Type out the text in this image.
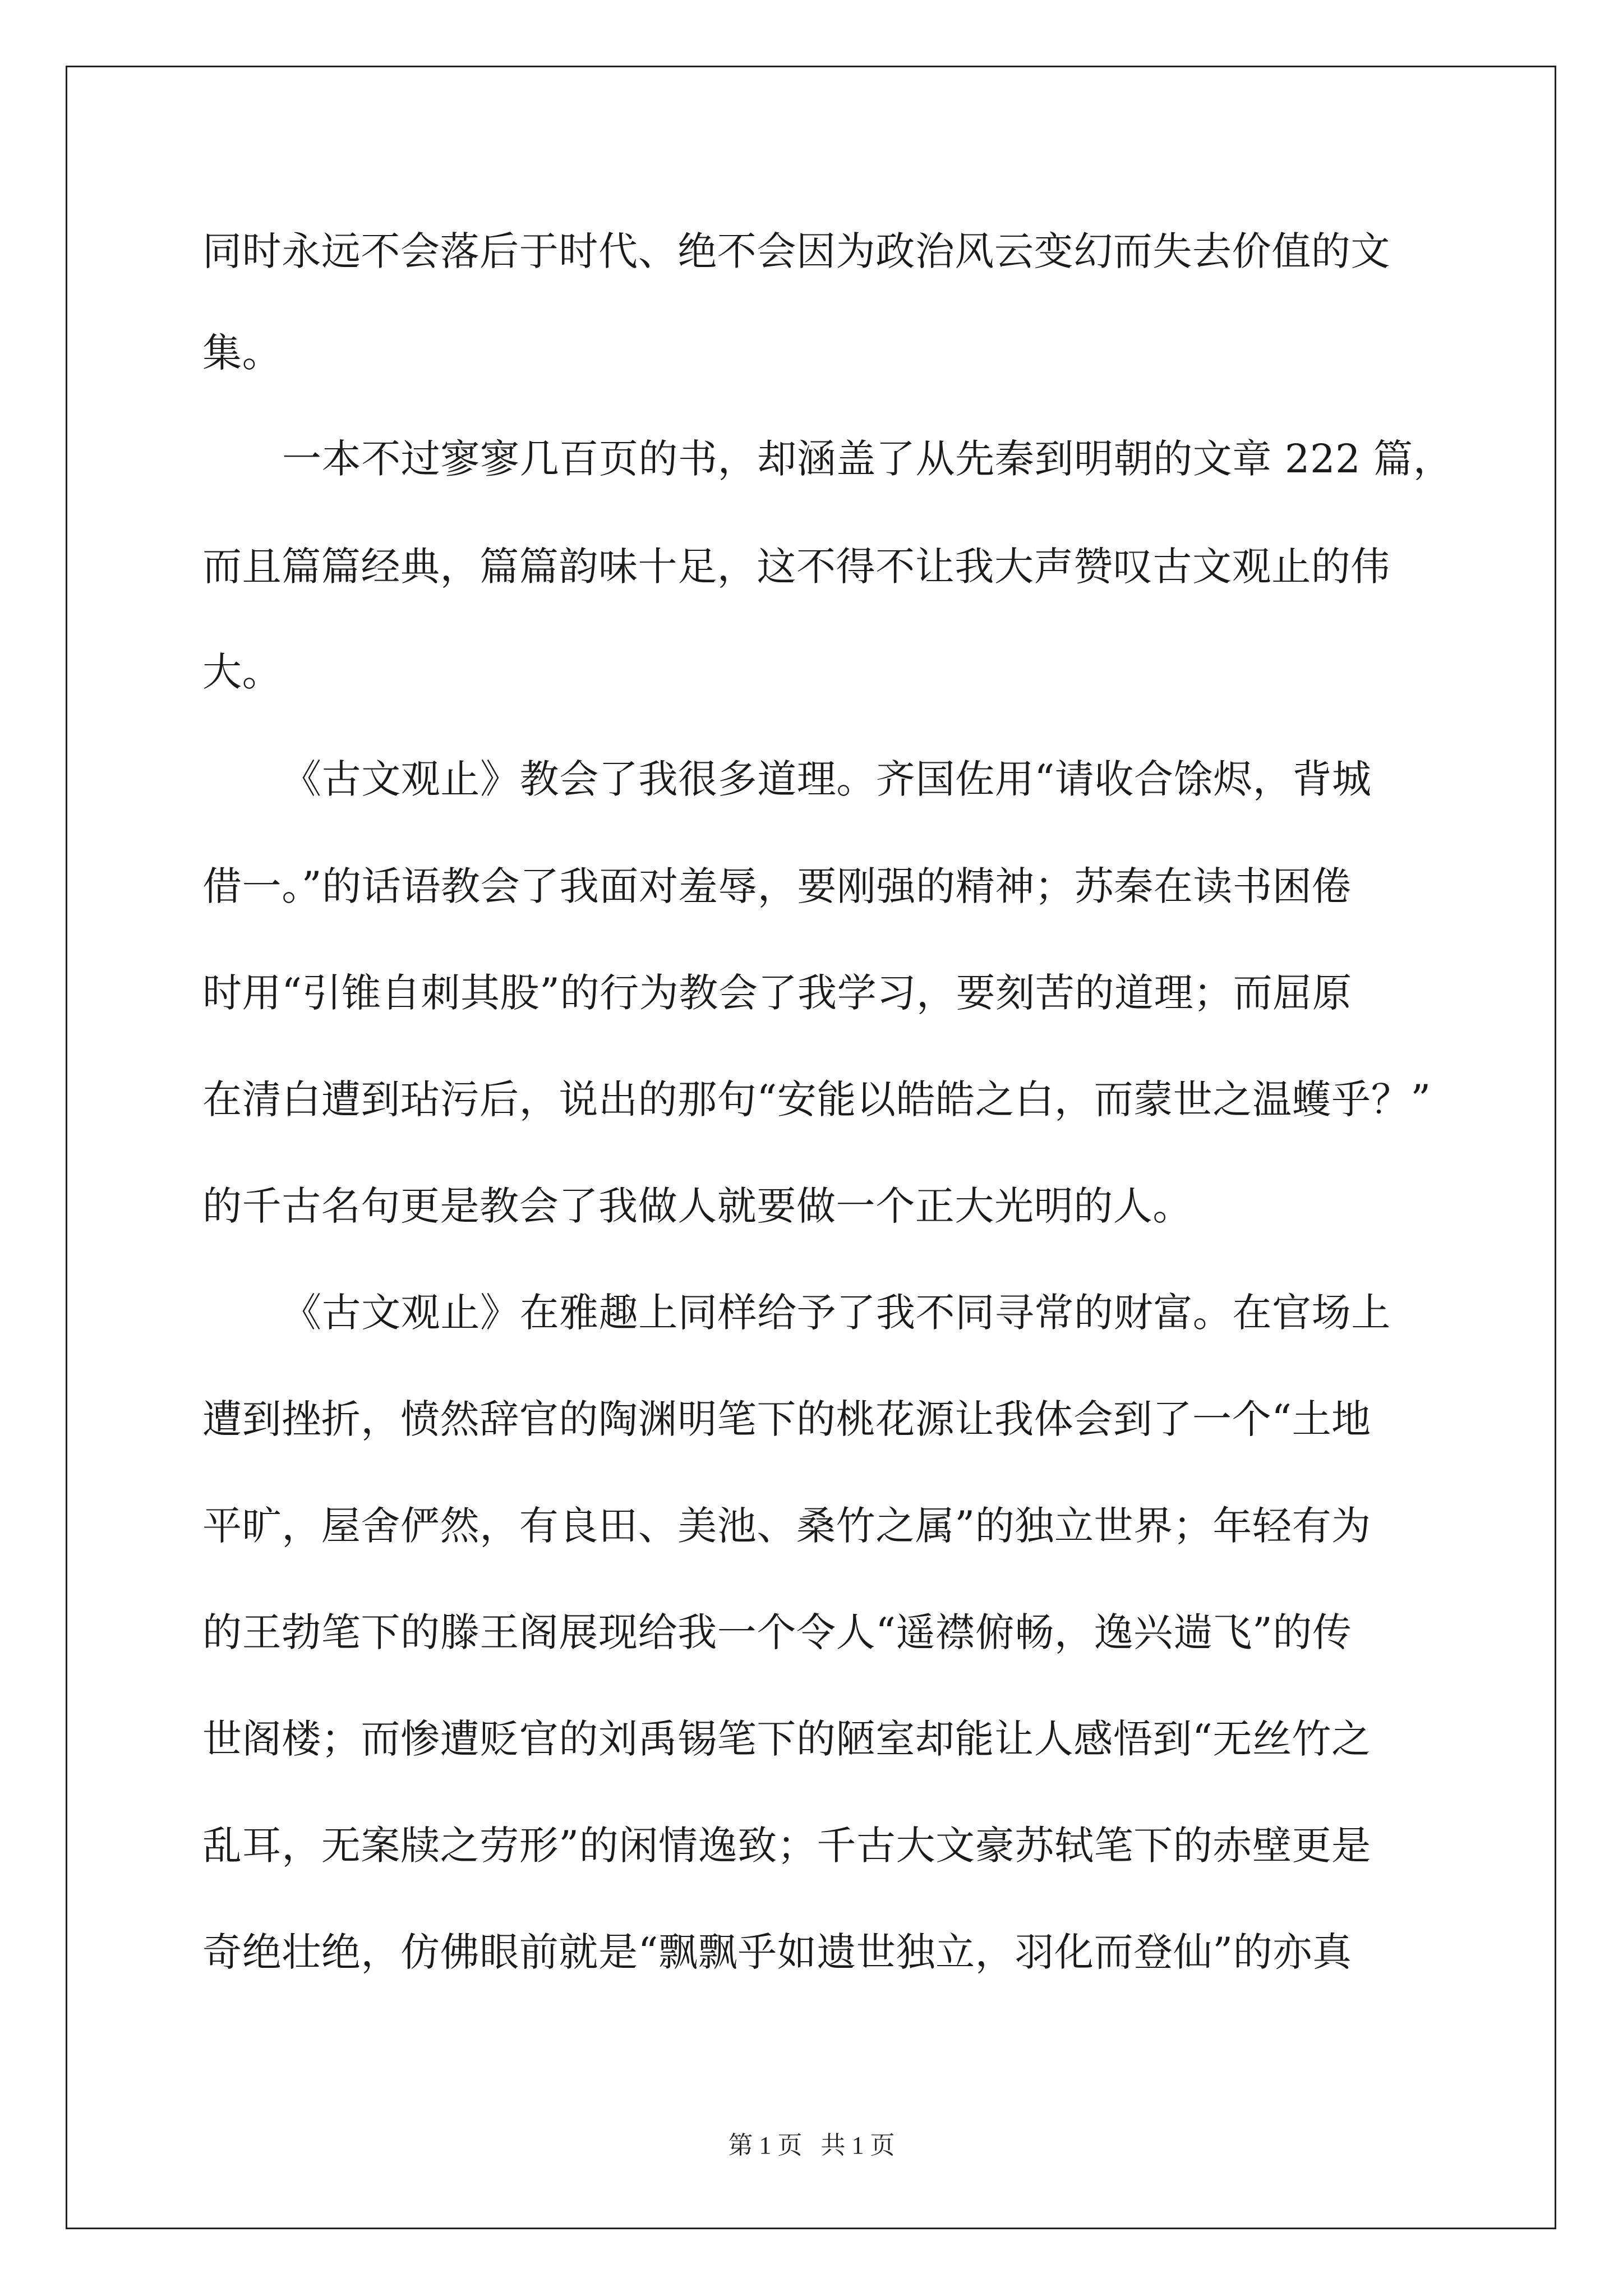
同时永远不会落后于时代、绝不会因为政治风云变幻而失去价值的文
集。
一本不过寥寥几百页的书，却涵盖了从先秦到明朝的文章 222 篇，
而且篇篇经典，篇篇韵味十足，这不得不让我大声赞叹古文观止的伟
大。
《古文观止》教会了我很多道理。齐国佐用“请收合馀烬，背城
借一。”的话语教会了我面对羞辱，要刚强的精神；苏秦在读书困倦
时用“引锥自刺其股”的行为教会了我学习，要刻苦的道理；而屈原
在清白遭到玷污后，说出的那句“安能以皓皓之白，而蒙世之温蠖乎？”
的千古名句更是教会了我做人就要做一个正大光明的人。
《古文观止》在雅趣上同样给予了我不同寻常的财富。在官场上
遭到挫折，愤然辞官的陶渊明笔下的桃花源让我体会到了一个“土地
平旷，屋舍俨然，有良田、美池、桑竹之属”的独立世界；年轻有为
的王勃笔下的滕王阁展现给我一个令人“遥襟俯畅，逸兴遄飞”的传
世阁楼；而惨遭贬官的刘禹锡笔下的陋室却能让人感悟到“无丝竹之
乱耳，无案牍之劳形”的闲情逸致；千古大文豪苏轼笔下的赤壁更是
奇绝壮绝，仿佛眼前就是“飘飘乎如遗世独立，羽化而登仙”的亦真
第 1 页 共 1 页
